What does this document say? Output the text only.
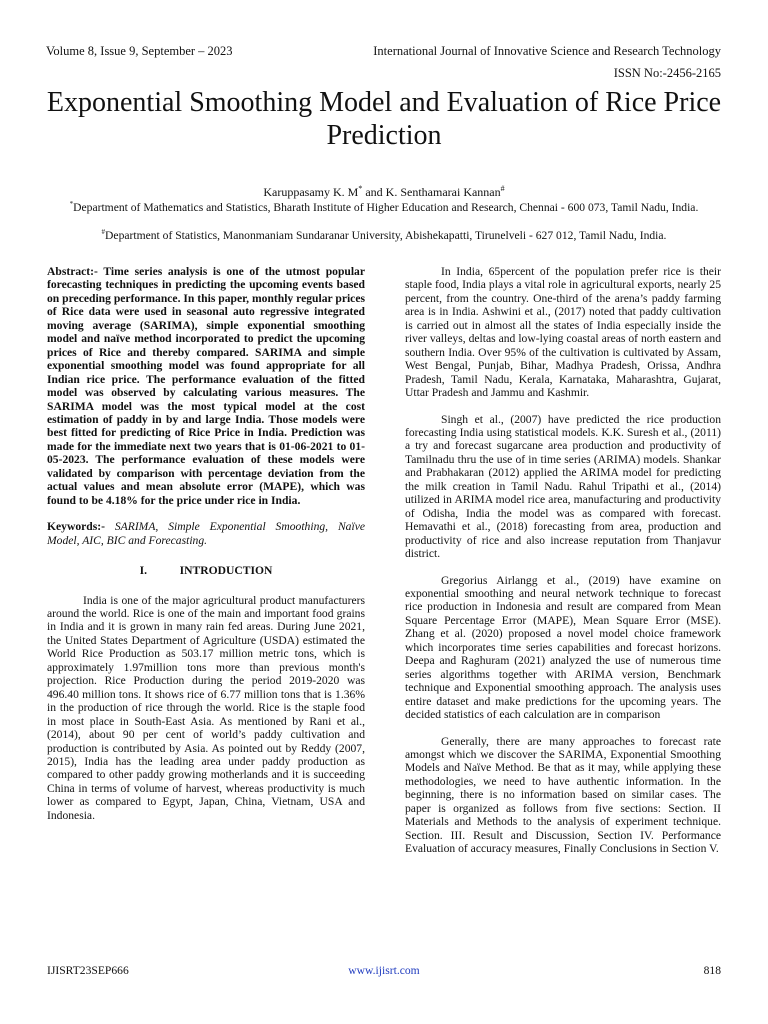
Volume 8, Issue 9, September – 2023	International Journal of Innovative Science and Research Technology
ISSN No:-2456-2165
Exponential Smoothing Model and Evaluation of Rice Price Prediction
Karuppasamy K. M* and K. Senthamarai Kannan#
*Department of Mathematics and Statistics, Bharath Institute of Higher Education and Research, Chennai - 600 073, Tamil Nadu, India.
#Department of Statistics, Manonmaniam Sundaranar University, Abishekapatti, Tirunelveli - 627 012, Tamil Nadu, India.

Abstract:- Time series analysis is one of the utmost popular forecasting techniques in predicting the upcoming events based on preceding performance. In this paper, monthly regular prices of Rice data were used in seasonal auto regressive integrated moving average (SARIMA), simple exponential smoothing model and naïve method incorporated to predict the upcoming prices of Rice and thereby compared. SARIMA and simple exponential smoothing model was found appropriate for all Indian rice price. The performance evaluation of the fitted model was observed by calculating various measures. The SARIMA model was the most typical model at the cost estimation of paddy in by and large India. Those models were best fitted for predicting of Rice Price in India. Prediction was made for the immediate next two years that is 01-06-2021 to 01-05-2023. The performance evaluation of these models were validated by comparison with percentage deviation from the actual values and mean absolute error (MAPE), which was found to be 4.18% for the price under rice in India.

Keywords:- SARIMA, Simple Exponential Smoothing, Naïve Model, AIC, BIC and Forecasting.

I.	INTRODUCTION

India is one of the major agricultural product manufacturers around the world. Rice is one of the main and important food grains in India and it is grown in many rain fed areas. During June 2021, the United States Department of Agriculture (USDA) estimated the World Rice Production as 503.17 million metric tons, which is approximately 1.97million tons more than previous month's projection. Rice Production during the period 2019-2020 was 496.40 million tons. It shows rice of 6.77 million tons that is 1.36% in the production of rice through the world. Rice is the staple food in most place in South-East Asia. As mentioned by Rani et al., (2014), about 90 per cent of world’s paddy cultivation and production is contributed by Asia. As pointed out by Reddy (2007, 2015), India has the leading area under paddy production as compared to other paddy growing motherlands and it is succeeding China in terms of volume of harvest, whereas productivity is much lower as compared to Egypt, Japan, China, Vietnam, USA and Indonesia.

In India, 65percent of the population prefer rice is their staple food, India plays a vital role in agricultural exports, nearly 25 percent, from the country. One-third of the arena’s paddy farming area is in India. Ashwini et al., (2017) noted that paddy cultivation is carried out in almost all the states of India especially inside the river valleys, deltas and low-lying coastal areas of north eastern and southern India. Over 95% of the cultivation is cultivated by Assam, West Bengal, Punjab, Bihar, Madhya Pradesh, Orissa, Andhra Pradesh, Tamil Nadu, Kerala, Karnataka, Maharashtra, Gujarat, Uttar Pradesh and Jammu and Kashmir.

Singh et al., (2007) have predicted the rice production forecasting India using statistical models. K.K. Suresh et al., (2011) a try and forecast sugarcane area production and productivity of Tamilnadu thru the use of in time series (ARIMA) models. Shankar and Prabhakaran (2012) applied the ARIMA model for predicting the milk creation in Tamil Nadu. Rahul Tripathi et al., (2014) utilized in ARIMA model rice area, manufacturing and productivity of Odisha, India the model was as compared with forecast. Hemavathi et al., (2018) forecasting from area, production and productivity of rice and also increase reputation from Thanjavur district.

Gregorius Airlangg et al., (2019) have examine on exponential smoothing and neural network technique to forecast rice production in Indonesia and result are compared from Mean Square Percentage Error (MAPE), Mean Square Error (MSE). Zhang et al. (2020) proposed a novel model choice framework which incorporates time series capabilities and forecast horizons. Deepa and Raghuram (2021) analyzed the use of numerous time series algorithms together with ARIMA version, Benchmark technique and Exponential smoothing approach. The analysis uses entire dataset and make predictions for the upcoming years. The decided statistics of each calculation are in comparison

Generally, there are many approaches to forecast rate amongst which we discover the SARIMA, Exponential Smoothing Models and Naïve Method. Be that as it may, while applying these methodologies, we need to have authentic information. In the beginning, there is no information based on similar cases. The paper is organized as follows from five sections: Section. II Materials and Methods to the analysis of experiment technique. Section. III. Result and Discussion, Section IV. Performance Evaluation of accuracy measures, Finally Conclusions in Section V.

IJISRT23SEP666	www.ijisrt.com	818
